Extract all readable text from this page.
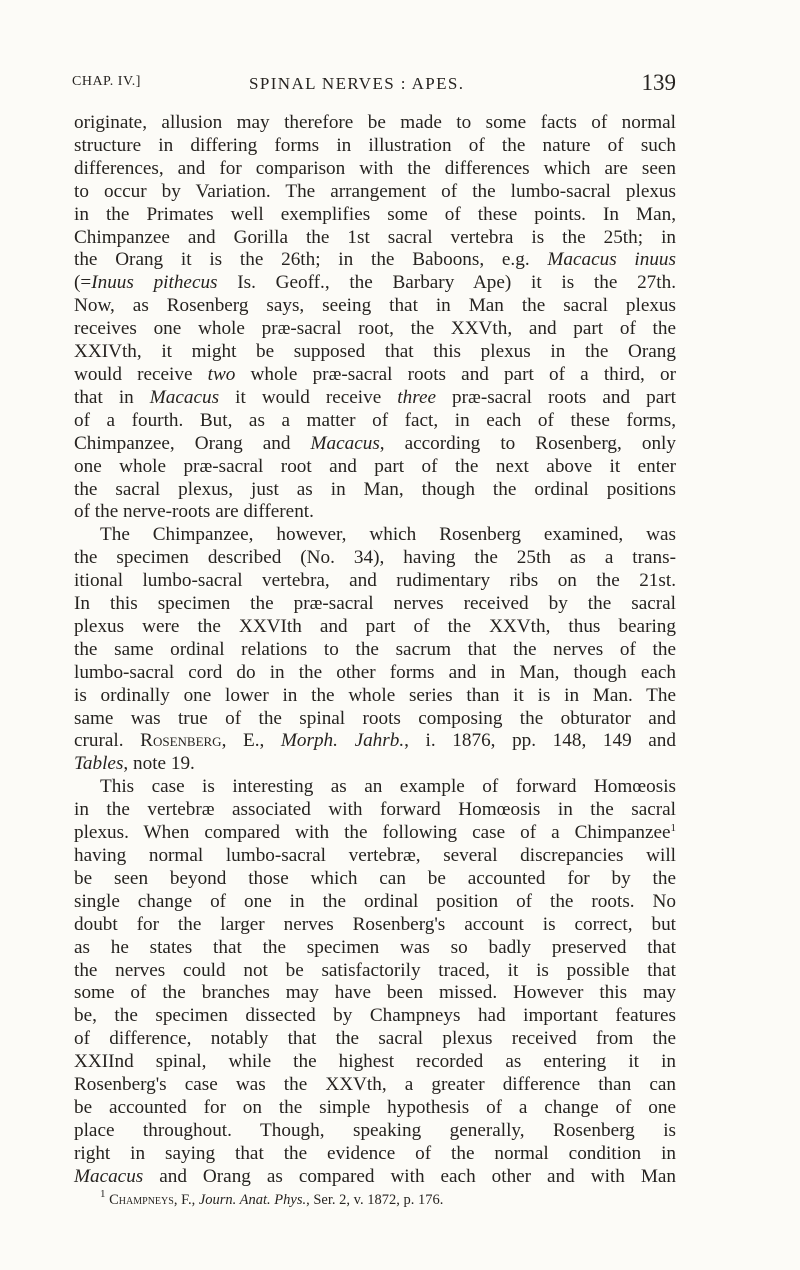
CHAP. IV.]	SPINAL NERVES : APES.	139
originate, allusion may therefore be made to some facts of normal
structure in differing forms in illustration of the nature of such
differences, and for comparison with the differences which are seen
to occur by Variation. The arrangement of the lumbo-sacral plexus
in the Primates well exemplifies some of these points. In Man,
Chimpanzee and Gorilla the 1st sacral vertebra is the 25th; in
the Orang it is the 26th; in the Baboons, e.g. Macacus inuus
(=Inuus pithecus Is. Geoff., the Barbary Ape) it is the 27th.
Now, as Rosenberg says, seeing that in Man the sacral plexus
receives one whole præ-sacral root, the XXVth, and part of the
XXIVth, it might be supposed that this plexus in the Orang
would receive two whole præ-sacral roots and part of a third, or
that in Macacus it would receive three præ-sacral roots and part
of a fourth. But, as a matter of fact, in each of these forms,
Chimpanzee, Orang and Macacus, according to Rosenberg, only
one whole præ-sacral root and part of the next above it enter
the sacral plexus, just as in Man, though the ordinal positions
of the nerve-roots are different.
The Chimpanzee, however, which Rosenberg examined, was
the specimen described (No. 34), having the 25th as a trans-
itional lumbo-sacral vertebra, and rudimentary ribs on the 21st.
In this specimen the præ-sacral nerves received by the sacral
plexus were the XXVIth and part of the XXVth, thus bearing
the same ordinal relations to the sacrum that the nerves of the
lumbo-sacral cord do in the other forms and in Man, though each
is ordinally one lower in the whole series than it is in Man. The
same was true of the spinal roots composing the obturator and
crural. Rosenberg, E., Morph. Jahrb., i. 1876, pp. 148, 149 and
Tables, note 19.
This case is interesting as an example of forward Homœosis
in the vertebræ associated with forward Homœosis in the sacral
plexus. When compared with the following case of a Chimpanzee$^1$
having normal lumbo-sacral vertebræ, several discrepancies will
be seen beyond those which can be accounted for by the
single change of one in the ordinal position of the roots. No
doubt for the larger nerves Rosenberg's account is correct, but
as he states that the specimen was so badly preserved that
the nerves could not be satisfactorily traced, it is possible that
some of the branches may have been missed. However this may
be, the specimen dissected by Champneys had important features
of difference, notably that the sacral plexus received from the
XXIInd spinal, while the highest recorded as entering it in
Rosenberg's case was the XXVth, a greater difference than can
be accounted for on the simple hypothesis of a change of one
place throughout. Though, speaking generally, Rosenberg is
right in saying that the evidence of the normal condition in
Macacus and Orang as compared with each other and with Man
$^1$ Champneys, F., Journ. Anat. Phys., Ser. 2, v. 1872, p. 176.
